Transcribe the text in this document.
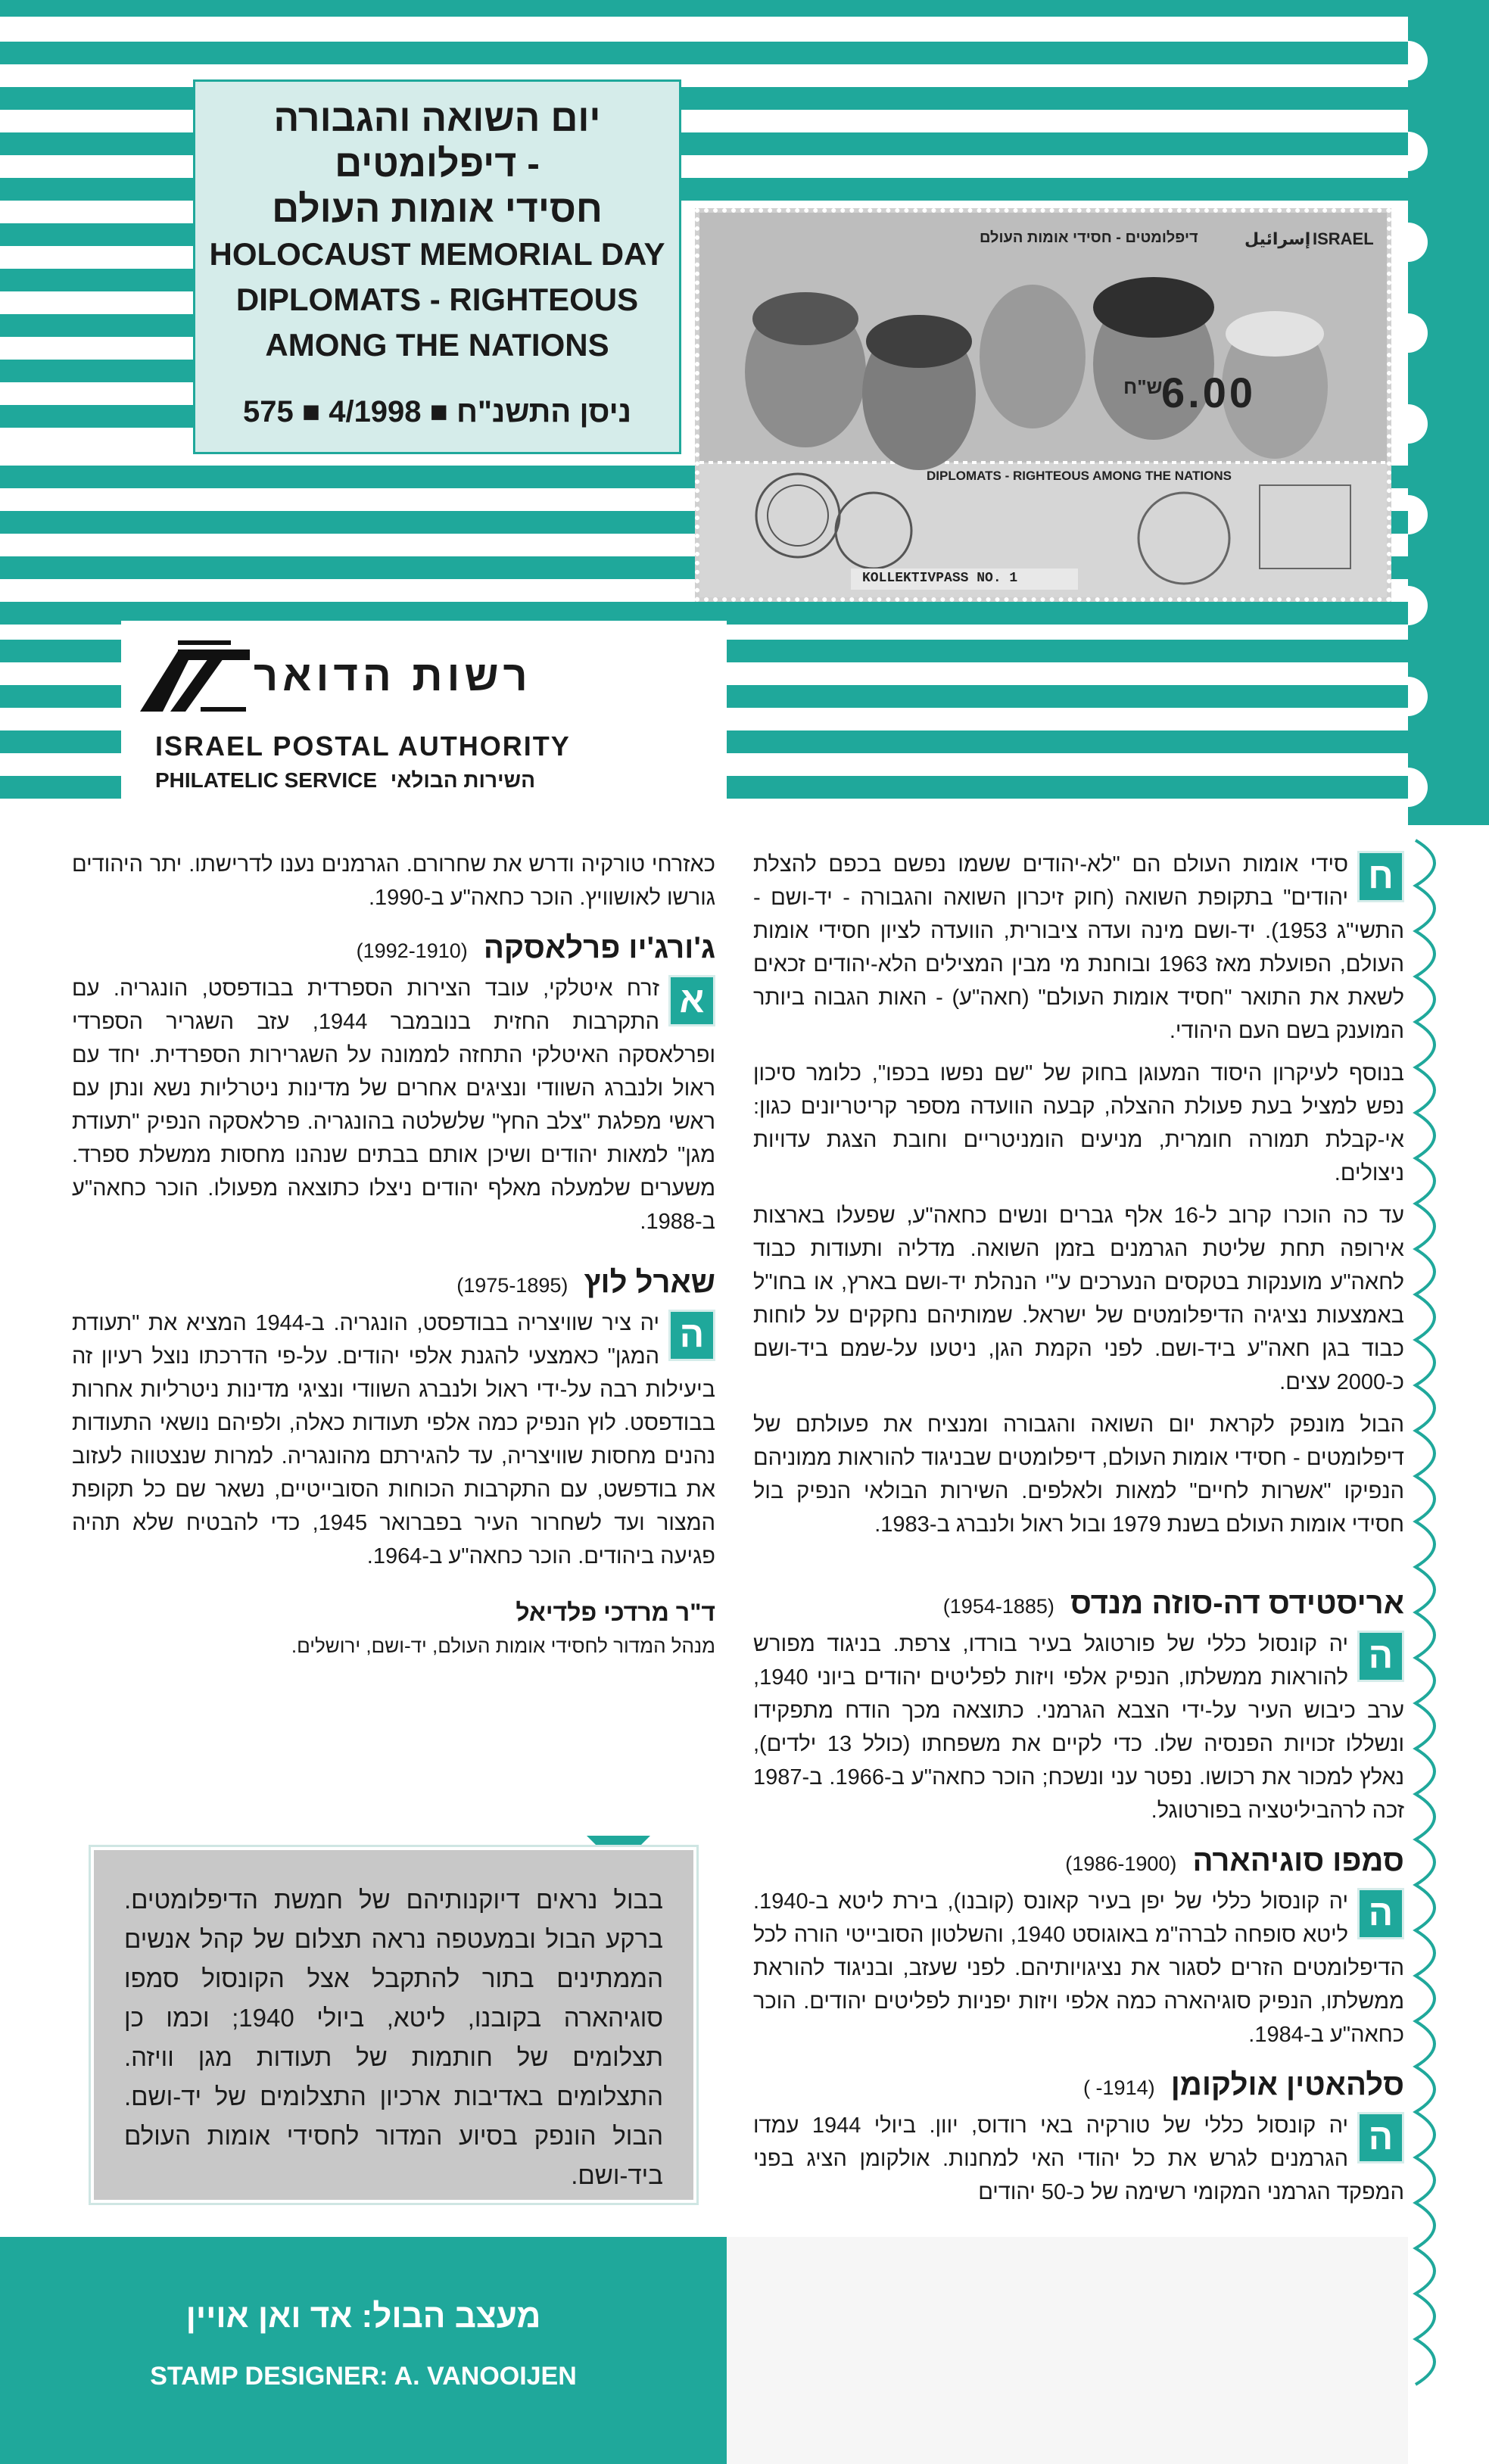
יום השואה והגבורה
דיפלומטים -
חסידי אומות העולם
HOLOCAUST MEMORIAL DAY
DIPLOMATS - RIGHTEOUS
AMONG THE NATIONS
ניסן התשנ"ח ■ 4/1998 ■ 575
ISRAEL
إسرائيل
דיפלומטים - חסידי אומות העולם
6.00
ש"ח
DIPLOMATS - RIGHTEOUS AMONG THE NATIONS
KOLLEKTIVPASS NO. 1
רשות הדואר
ISRAEL POSTAL AUTHORITY
PHILATELIC SERVICE השירות הבולאי

ח
סידי אומות העולם הם "לא-יהודים ששמו נפשם בכפם להצלת יהודים" בתקופת השואה (חוק זיכרון השואה והגבורה - יד-ושם - התשי"ג 1953). יד-ושם מינה ועדה ציבורית, הוועדה לציון חסידי אומות העולם, הפועלת מאז 1963 ובוחנת מי מבין המצילים הלא-יהודים זכאים לשאת את התואר "חסיד אומות העולם" (חאה"ע) - האות הגבוה ביותר המוענק בשם העם היהודי.

בנוסף לעיקרון היסוד המעוגן בחוק של "שם נפשו בכפו", כלומר סיכון נפש למציל בעת פעולת ההצלה, קבעה הוועדה מספר קריטריונים כגון: אי-קבלת תמורה חומרית, מניעים הומניטריים וחובת הצגת עדויות ניצולים.

עד כה הוכרו קרוב ל-16 אלף גברים ונשים כחאה"ע, שפעלו בארצות אירופה תחת שליטת הגרמנים בזמן השואה. מדליה ותעודות כבוד לחאה"ע מוענקות בטקסים הנערכים ע"י הנהלת יד-ושם בארץ, או בחו"ל באמצעות נציגיה הדיפלומטים של ישראל. שמותיהם נחקקים על לוחות כבוד בגן חאה"ע ביד-ושם. לפני הקמת הגן, ניטעו על-שמם ביד-ושם כ-2000 עצים.

הבול מונפק לקראת יום השואה והגבורה ומנציח את פעולתם של דיפלומטים - חסידי אומות העולם, דיפלומטים שבניגוד להוראות ממוניהם הנפיקו "אשרות לחיים" למאות ולאלפים. השירות הבולאי הנפיק בול חסידי אומות העולם בשנת 1979 ובול ראול ולנברג ב-1983.

אריסטידס דה-סוזה מנדס (1954-1885)

ה
יה קונסול כללי של פורטוגל בעיר בורדו, צרפת. בניגוד מפורש להוראות ממשלתו, הנפיק אלפי ויזות לפליטים יהודים ביוני 1940, ערב כיבוש העיר על-ידי הצבא הגרמני. כתוצאה מכך הודח מתפקידו ונשללו זכויות הפנסיה שלו. כדי לקיים את משפחתו (כולל 13 ילדים), נאלץ למכור את רכושו. נפטר עני ונשכח; הוכר כחאה"ע ב-1966. ב-1987 זכה לרהביליטציה בפורטוגל.

סמפו סוגיהארה (1986-1900)

ה
יה קונסול כללי של יפן בעיר קאונס (קובנו), בירת ליטא ב-1940. ליטא סופחה לברה"מ באוגוסט 1940, והשלטון הסובייטי הורה לכל הדיפלומטים הזרים לסגור את נציגויותיהם. לפני שעזב, ובניגוד להוראת ממשלתו, הנפיק סוגיהארה כמה אלפי ויזות יפניות לפליטים יהודים. הוכר כחאה"ע ב-1984.

סלהאטין אולקומן (1914- )

ה
יה קונסול כללי של טורקיה באי רודוס, יוון. ביולי 1944 עמדו הגרמנים לגרש את כל יהודי האי למחנות. אולקומן הציג בפני המפקד הגרמני המקומי רשימה של כ-50 יהודים

כאזרחי טורקיה ודרש את שחרורם. הגרמנים נענו לדרישתו. יתר היהודים גורשו לאושוויץ. הוכר כחאה"ע ב-1990.

ג'ורג'יו פרלאסקה (1992-1910)

א
זרח איטלקי, עובד הצירות הספרדית בבודפסט, הונגריה. עם התקרבות החזית בנובמבר 1944, עזב השגריר הספרדי ופרלאסקה האיטלקי התחזה לממונה על השגרירות הספרדית. יחד עם ראול ולנברג השוודי ונציגים אחרים של מדינות ניטרליות נשא ונתן עם ראשי מפלגת "צלב החץ" שלשלטה בהונגריה. פרלאסקה הנפיק "תעודת מגן" למאות יהודים ושיכן אותם בבתים שנהנו מחסות ממשלת ספרד. משערים שלמעלה מאלף יהודים ניצלו כתוצאה מפעולו. הוכר כחאה"ע ב-1988.

שארל לוץ (1975-1895)

ה
יה ציר שוויצריה בבודפסט, הונגריה. ב-1944 המציא את "תעודת המגן" כאמצעי להגנת אלפי יהודים. על-פי הדרכתו נוצל רעיון זה ביעילות רבה על-ידי ראול ולנברג השוודי ונציגי מדינות ניטרליות אחרות בבודפסט. לוץ הנפיק כמה אלפי תעודות כאלה, ולפיהם נושאי התעודות נהנים מחסות שוויצריה, עד להגירתם מהונגריה. למרות שנצטווה לעזוב את בודפשט, עם התקרבות הכוחות הסובייטיים, נשאר שם כל תקופת המצור ועד לשחרור העיר בפברואר 1945, כדי להבטיח שלא תהיה פגיעה ביהודים. הוכר כחאה"ע ב-1964.

ד"ר מרדכי פלדיאל
מנהל המדור לחסידי אומות העולם, יד-ושם, ירושלים.
בבול נראים דיוקנותיהם של חמשת הדיפלומטים. ברקע הבול ובמעטפה נראה תצלום של קהל אנשים הממתינים בתור להתקבל אצל הקונסול סמפו סוגיהארה בקובנו, ליטא, ביולי 1940; וכמו כן תצלומים של חותמות של תעודות מגן וויזה. התצלומים באדיבות ארכיון התצלומים של יד-ושם. הבול הונפק בסיוע המדור לחסידי אומות העולם ביד-ושם.
מעצב הבול: אד ואן אויין
STAMP DESIGNER: A. VANOOIJEN
